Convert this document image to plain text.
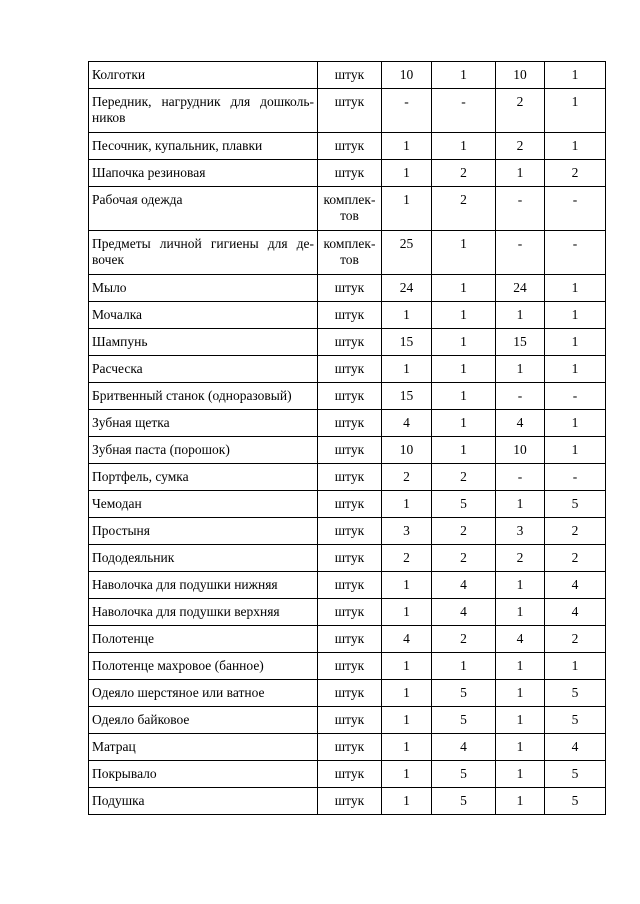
Колготки	штук	10	1	10	1
Передник, нагрудник для дошколь-ников	штук	-	-	2	1
Песочник, купальник, плавки	штук	1	1	2	1
Шапочка резиновая	штук	1	2	1	2
Рабочая одежда	комплек-тов	1	2	-	-
Предметы личной гигиены для де-вочек	комплек-тов	25	1	-	-
Мыло	штук	24	1	24	1
Мочалка	штук	1	1	1	1
Шампунь	штук	15	1	15	1
Расческа	штук	1	1	1	1
Бритвенный станок (одноразовый)	штук	15	1	-	-
Зубная щетка	штук	4	1	4	1
Зубная паста (порошок)	штук	10	1	10	1
Портфель, сумка	штук	2	2	-	-
Чемодан	штук	1	5	1	5
Простыня	штук	3	2	3	2
Пододеяльник	штук	2	2	2	2
Наволочка для подушки нижняя	штук	1	4	1	4
Наволочка для подушки верхняя	штук	1	4	1	4
Полотенце	штук	4	2	4	2
Полотенце махровое (банное)	штук	1	1	1	1
Одеяло шерстяное или ватное	штук	1	5	1	5
Одеяло байковое	штук	1	5	1	5
Матрац	штук	1	4	1	4
Покрывало	штук	1	5	1	5
Подушка	штук	1	5	1	5
